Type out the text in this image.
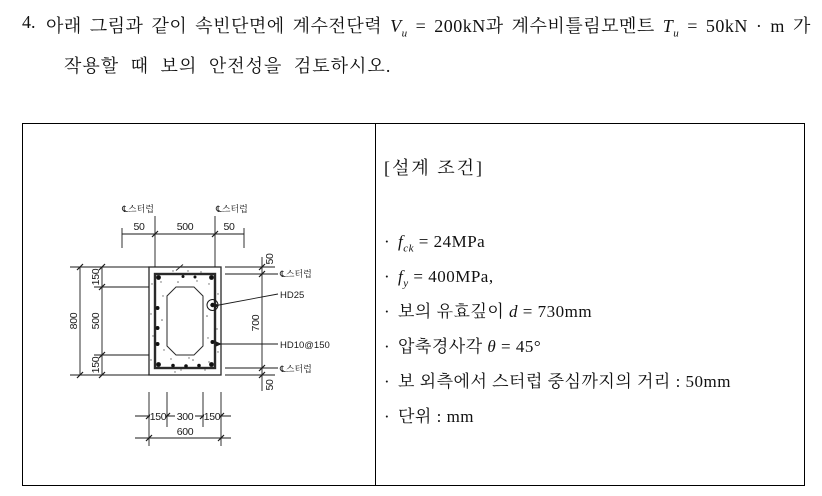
4. 아래 그림과 같이 속빈단면에 계수전단력 $V_u = 200kN$과 계수비틀림모멘트 $T_u = 50kN \cdot m$ 가
작용할 때 보의 안전성을 검토하시오.
℄스터럽	℄스터럽
50	500	50
800
150
500
150
50
700
50
℄스터럽
HD25
HD10@150
℄스터럽
150 300 150
600
[설계 조건]
· $f_{ck} = 24MPa$
· $f_y = 400MPa$,
· 보의 유효깊이 d = 730mm
· 압축경사각 θ = 45°
· 보 외측에서 스터럽 중심까지의 거리 : 50mm
· 단위 : mm
